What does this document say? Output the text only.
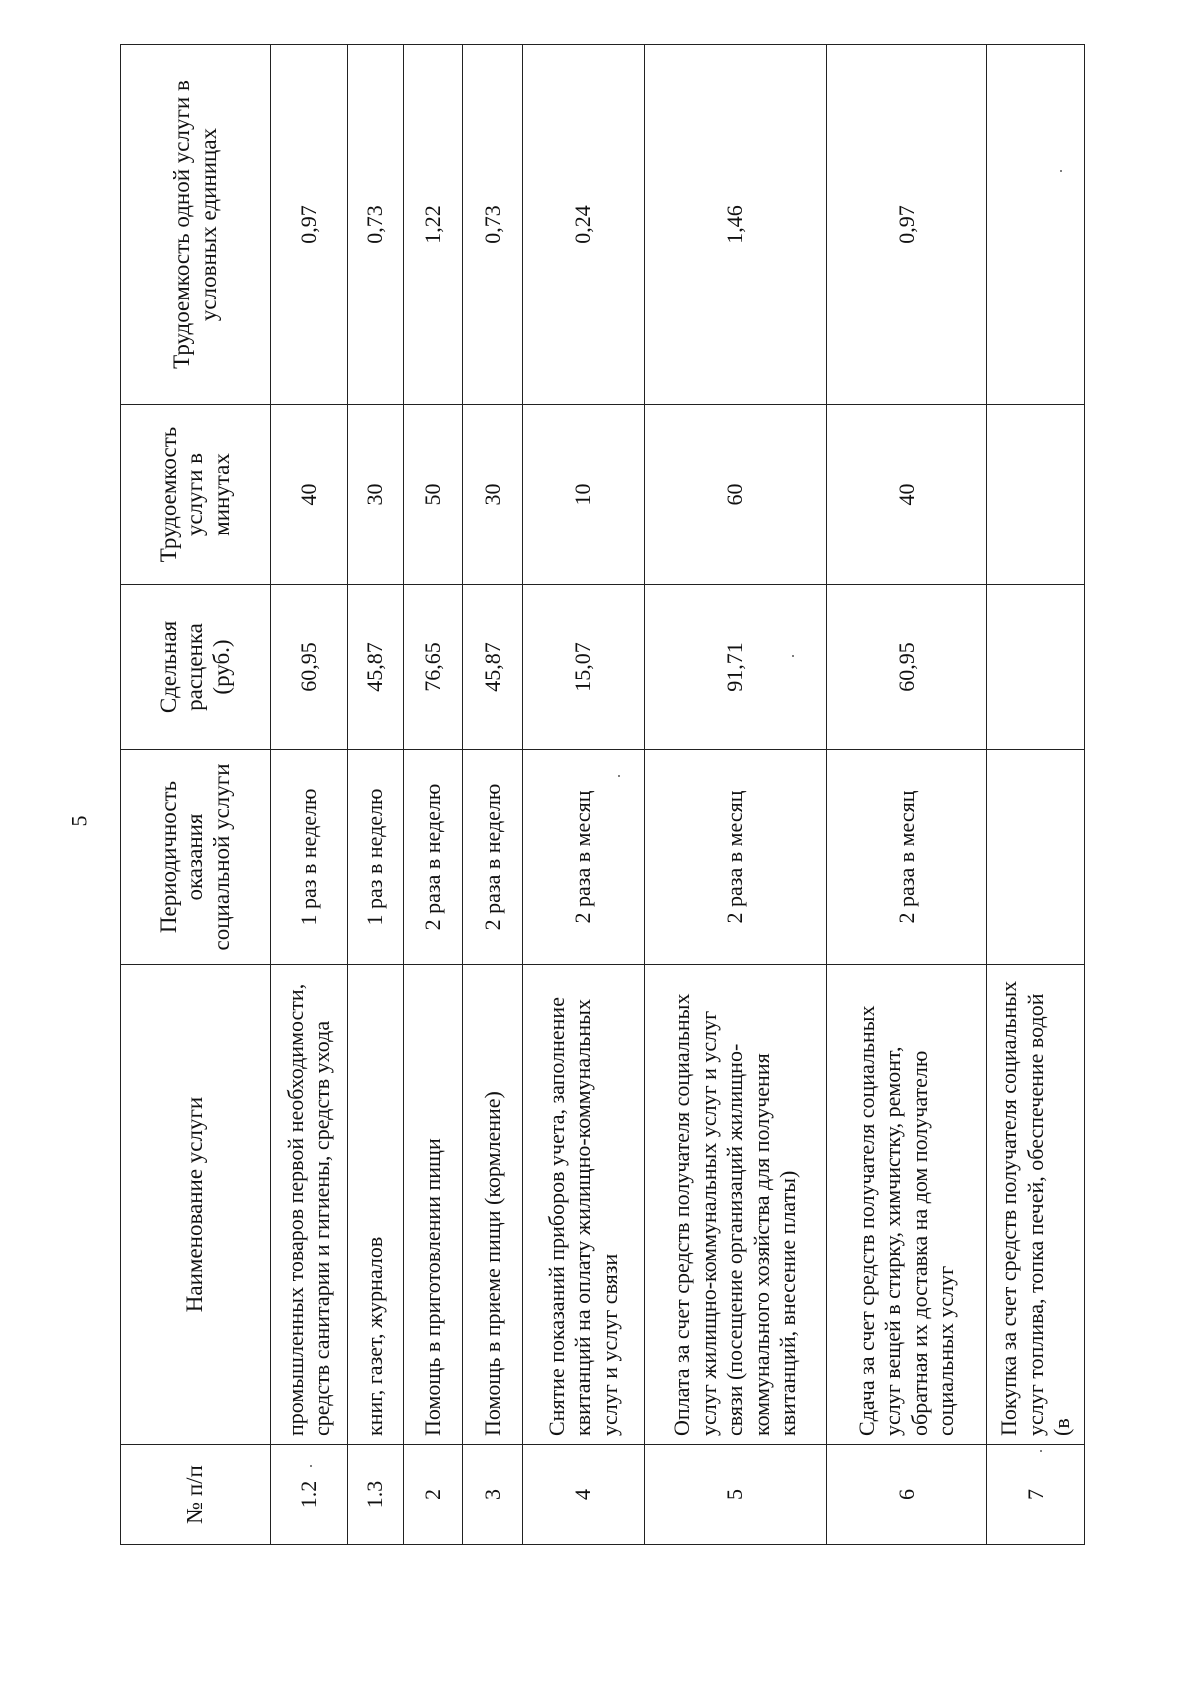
5
№ п/п	Наименование услуги	Периодичность оказания социальной услуги	Сдельная расценка (руб.)	Трудоемкость услуги в минутах	Трудоемкость одной услуги в условных единицах
1.2	промышленных товаров первой необходимости, средств санитарии и гигиены, средств ухода	1 раз в неделю	60,95	40	0,97
1.3	книг, газет, журналов	1 раз в неделю	45,87	30	0,73
2	Помощь в приготовлении пищи	2 раза в неделю	76,65	50	1,22
3	Помощь в приеме пищи (кормление)	2 раза в неделю	45,87	30	0,73
4	Снятие показаний приборов учета, заполнение квитанций на оплату жилищно-коммунальных услуг и услуг связи	2 раза в месяц	15,07	10	0,24
5	Оплата за счет средств получателя социальных услуг жилищно-коммунальных услуг и услуг связи (посещение организаций жилищно-коммунального хозяйства для получения квитанций, внесение платы)	2 раза в месяц	91,71	60	1,46
6	Сдача за счет средств получателя социальных услуг вещей в стирку, химчистку, ремонт, обратная их доставка на дом получателю социальных услуг	2 раза в месяц	60,95	40	0,97
7	Покупка за счет средств получателя социальных услуг топлива, топка печей, обеспечение водой (в				
